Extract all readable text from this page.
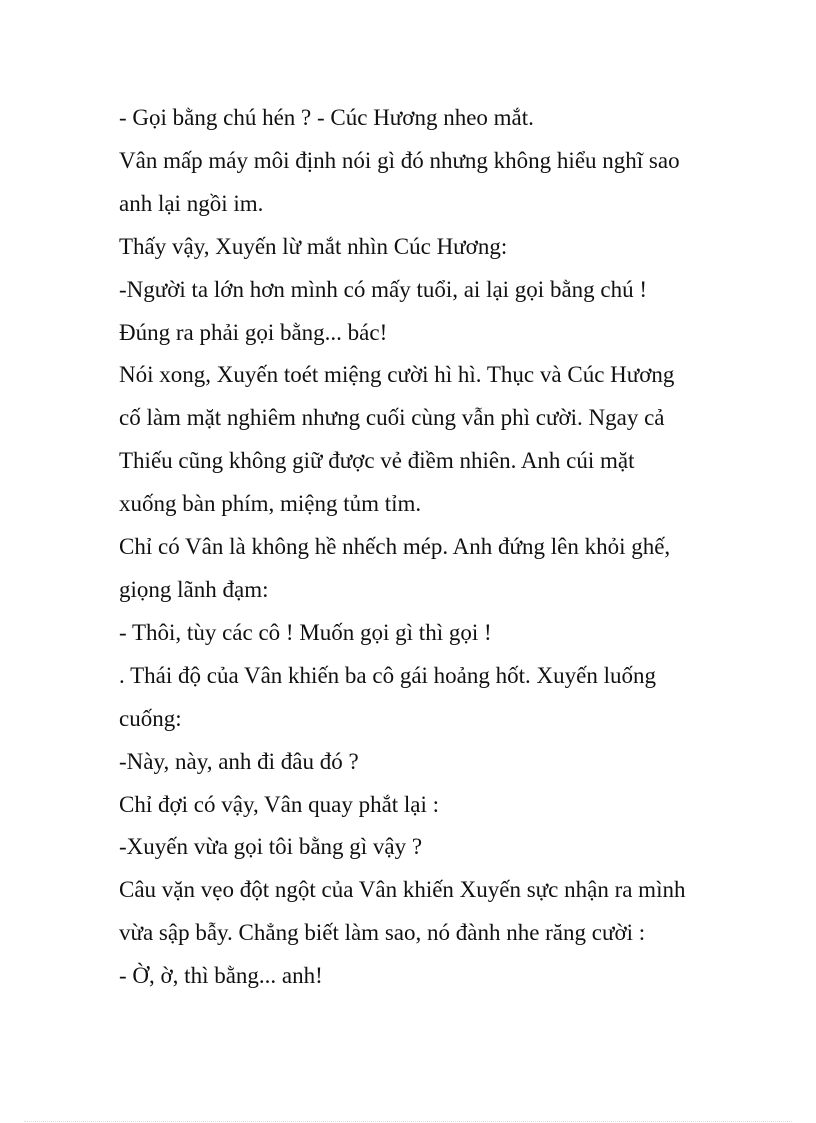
- Gọi bằng chú hén ? - Cúc Hương nheo mắt.

Vân mấp máy môi định nói gì đó nhưng không hiểu nghĩ sao

anh lại ngồi im.

Thấy vậy, Xuyến lừ mắt nhìn Cúc Hương:

-Người ta lớn hơn mình có mấy tuổi, ai lại gọi bằng chú !

Đúng ra phải gọi bằng... bác!

Nói xong, Xuyến toét miệng cười hì hì. Thục và Cúc Hương

cố làm mặt nghiêm nhưng cuối cùng vẫn phì cười. Ngay cả

Thiếu cũng không giữ được vẻ điềm nhiên. Anh cúi mặt

xuống bàn phím, miệng tủm tỉm.

Chỉ có Vân là không hề nhếch mép. Anh đứng lên khỏi ghế,

giọng lãnh đạm:

- Thôi, tùy các cô ! Muốn gọi gì thì gọi !

. Thái độ của Vân khiến ba cô gái hoảng hốt. Xuyến luống

cuống:

-Này, này, anh đi đâu đó ?

Chỉ đợi có vậy, Vân quay phắt lại :

-Xuyến vừa gọi tôi bằng gì vậy ?

Câu vặn vẹo đột ngột của Vân khiến Xuyến sực nhận ra mình

vừa sập bẫy. Chẳng biết làm sao, nó đành nhe răng cười :

- Ờ, ờ, thì bằng... anh!
